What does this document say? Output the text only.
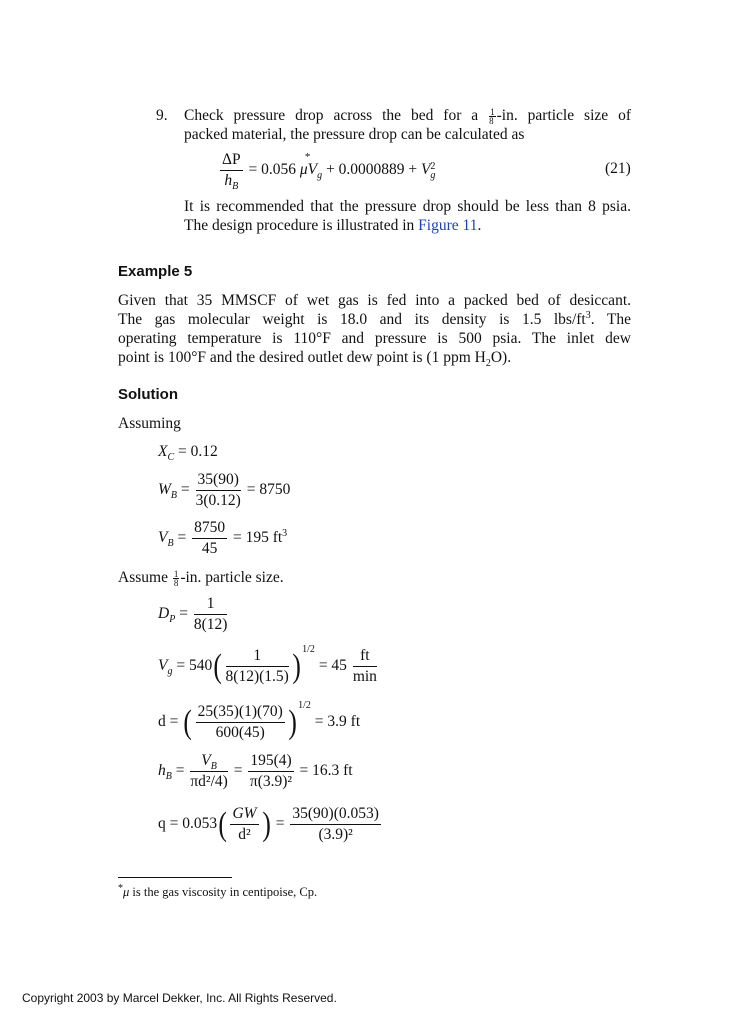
9. Check pressure drop across the bed for a $\frac{1}{8} -in$. particle size of
packed material, the pressure drop can be calculated as
$\frac{\Delta P}{h_B} = 0.056$
*
$\mu V_g + 0.0000889 + V$ 2
g	(21)
It is recommended that the pressure drop should be less than 8 psia.
The design procedure is illustrated in Figure 11.
Example 5
Given that 35 MMSCF of wet gas is fed into a packed bed of desiccant.
The gas molecular weight is 18.0 and its density is 1.5 lbs/$ft^3$. The
operating temperature is 110°F and pressure is 500 psia. The inlet dew
point is 100°F and the desired outlet dew point is (1 ppm $H_2O$).
Solution
Assuming
$X_C = 0.12$
$W_B = \frac{35(90)}{3(0.12)} = 8750$
$V_B = \frac{8750}{45} = 195$ $ft^3$
Assume $\frac{1}{8} -in$. particle size.
$D_P = \frac{1}{8(12)}$
$V_g = 540( \frac{1}{8(12)(1.5)} )^{1/2} = 45 \frac{ft}{\min}$
d = ( $\frac{25(35)(1)(70)}{600(45)} )^{1/2} = 3.9$ ft
$h_B = \frac{V_B}{\text{πd²/4)}} = \frac{195(4)}{\text{π(3.9)²}} = 16.3$ ft
$q = 0.053( \frac{GW}{\text{d²}}$ ) = $\frac{35(90)(0.053)}{\text{(3.9)²}}$
*μ is the gas viscosity in centipoise, Cp.
Copyright 2003 by Marcel Dekker, Inc. All Rights Reserved.
